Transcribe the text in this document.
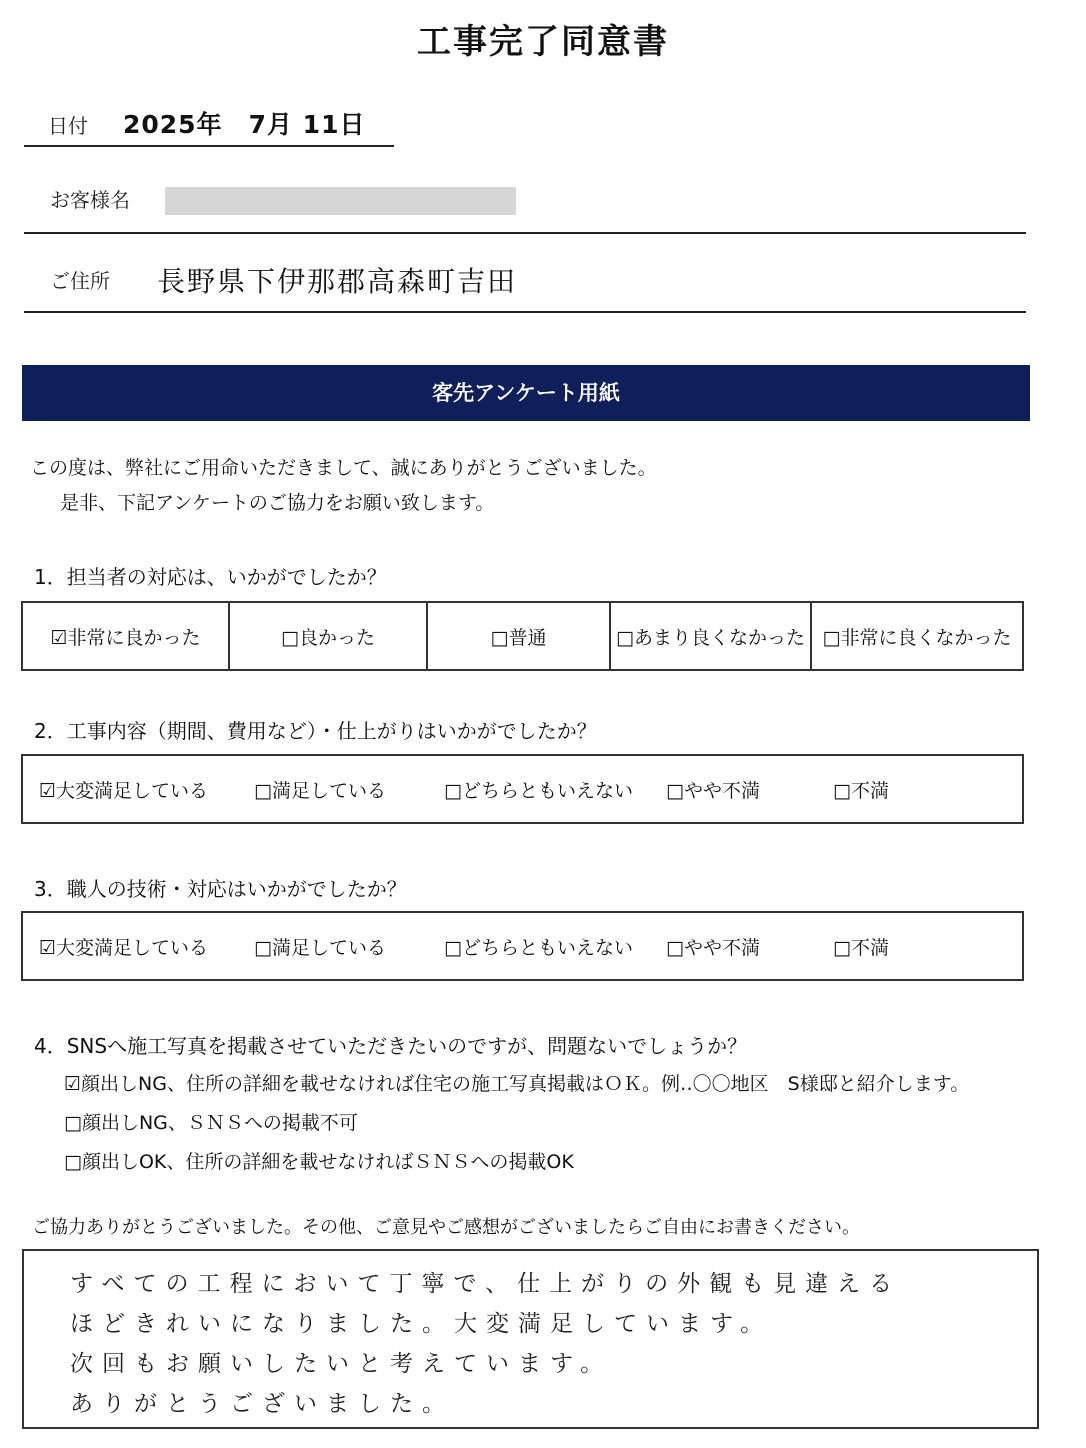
工事完了同意書
日付 2025年　7月 11日
お客様名
ご住所 長野県下伊那郡高森町吉田
客先アンケート用紙
この度は、弊社にご用命いただきまして、誠にありがとうございました。
是非、下記アンケートのご協力をお願い致します。
1．担当者の対応は、いかがでしたか？
☑非常に良かった	□良かった	□普通	□あまり良くなかった □非常に良くなかった
2．工事内容（期間、費用など）・仕上がりはいかがでしたか？
☑大変満足している □満足している	□どちらともいえない □やや不満	□不満
3．職人の技術・対応はいかがでしたか？
☑大変満足している □満足している	□どちらともいえない □やや不満	□不満
4．SNSへ施工写真を掲載させていただきたいのですが、問題ないでしょうか？
☑顔出しNG、住所の詳細を載せなければ住宅の施工写真掲載はＯＫ。例‥〇〇地区　S様邸と紹介します。
□顔出しNG、ＳＮＳへの掲載不可
□顔出しOK、住所の詳細を載せなければＳＮＳへの掲載OK
ご協力ありがとうございました。その他、ご意見やご感想がございましたらご自由にお書きください。
すべての工程において丁寧で、仕上がりの外観も見違える
ほどきれいになりました。大変満足しています。
次回もお願いしたいと考えています。
ありがとうございました。
